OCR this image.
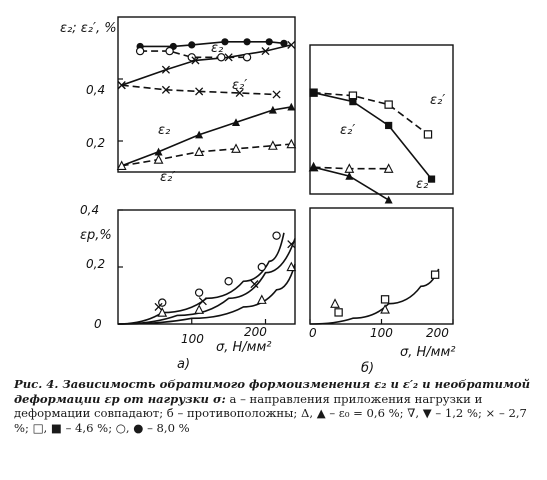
ε₂; ε₂′, %
εp,%
0,4
0,2
0,4
0,2
0
100	200	0	100	200
σ, Н/мм²	σ, Н/мм²
a)	б)
ε₂
ε₂′
ε₂
ε₂′
ε₂′
ε₂′
ε₂
Рис. 4. Зависимость обратимого формоизменения ε₂ и ε′₂ и необратимой деформации εp от нагрузки σ: а – направления приложения нагрузки и деформации совпадают; б – противоположны; Δ, ▲ – ε₀ = 0,6 %; ∇, ▼ – 1,2 %; × – 2,7 %; □, ■ – 4,6 %; ○, ● – 8,0 %
